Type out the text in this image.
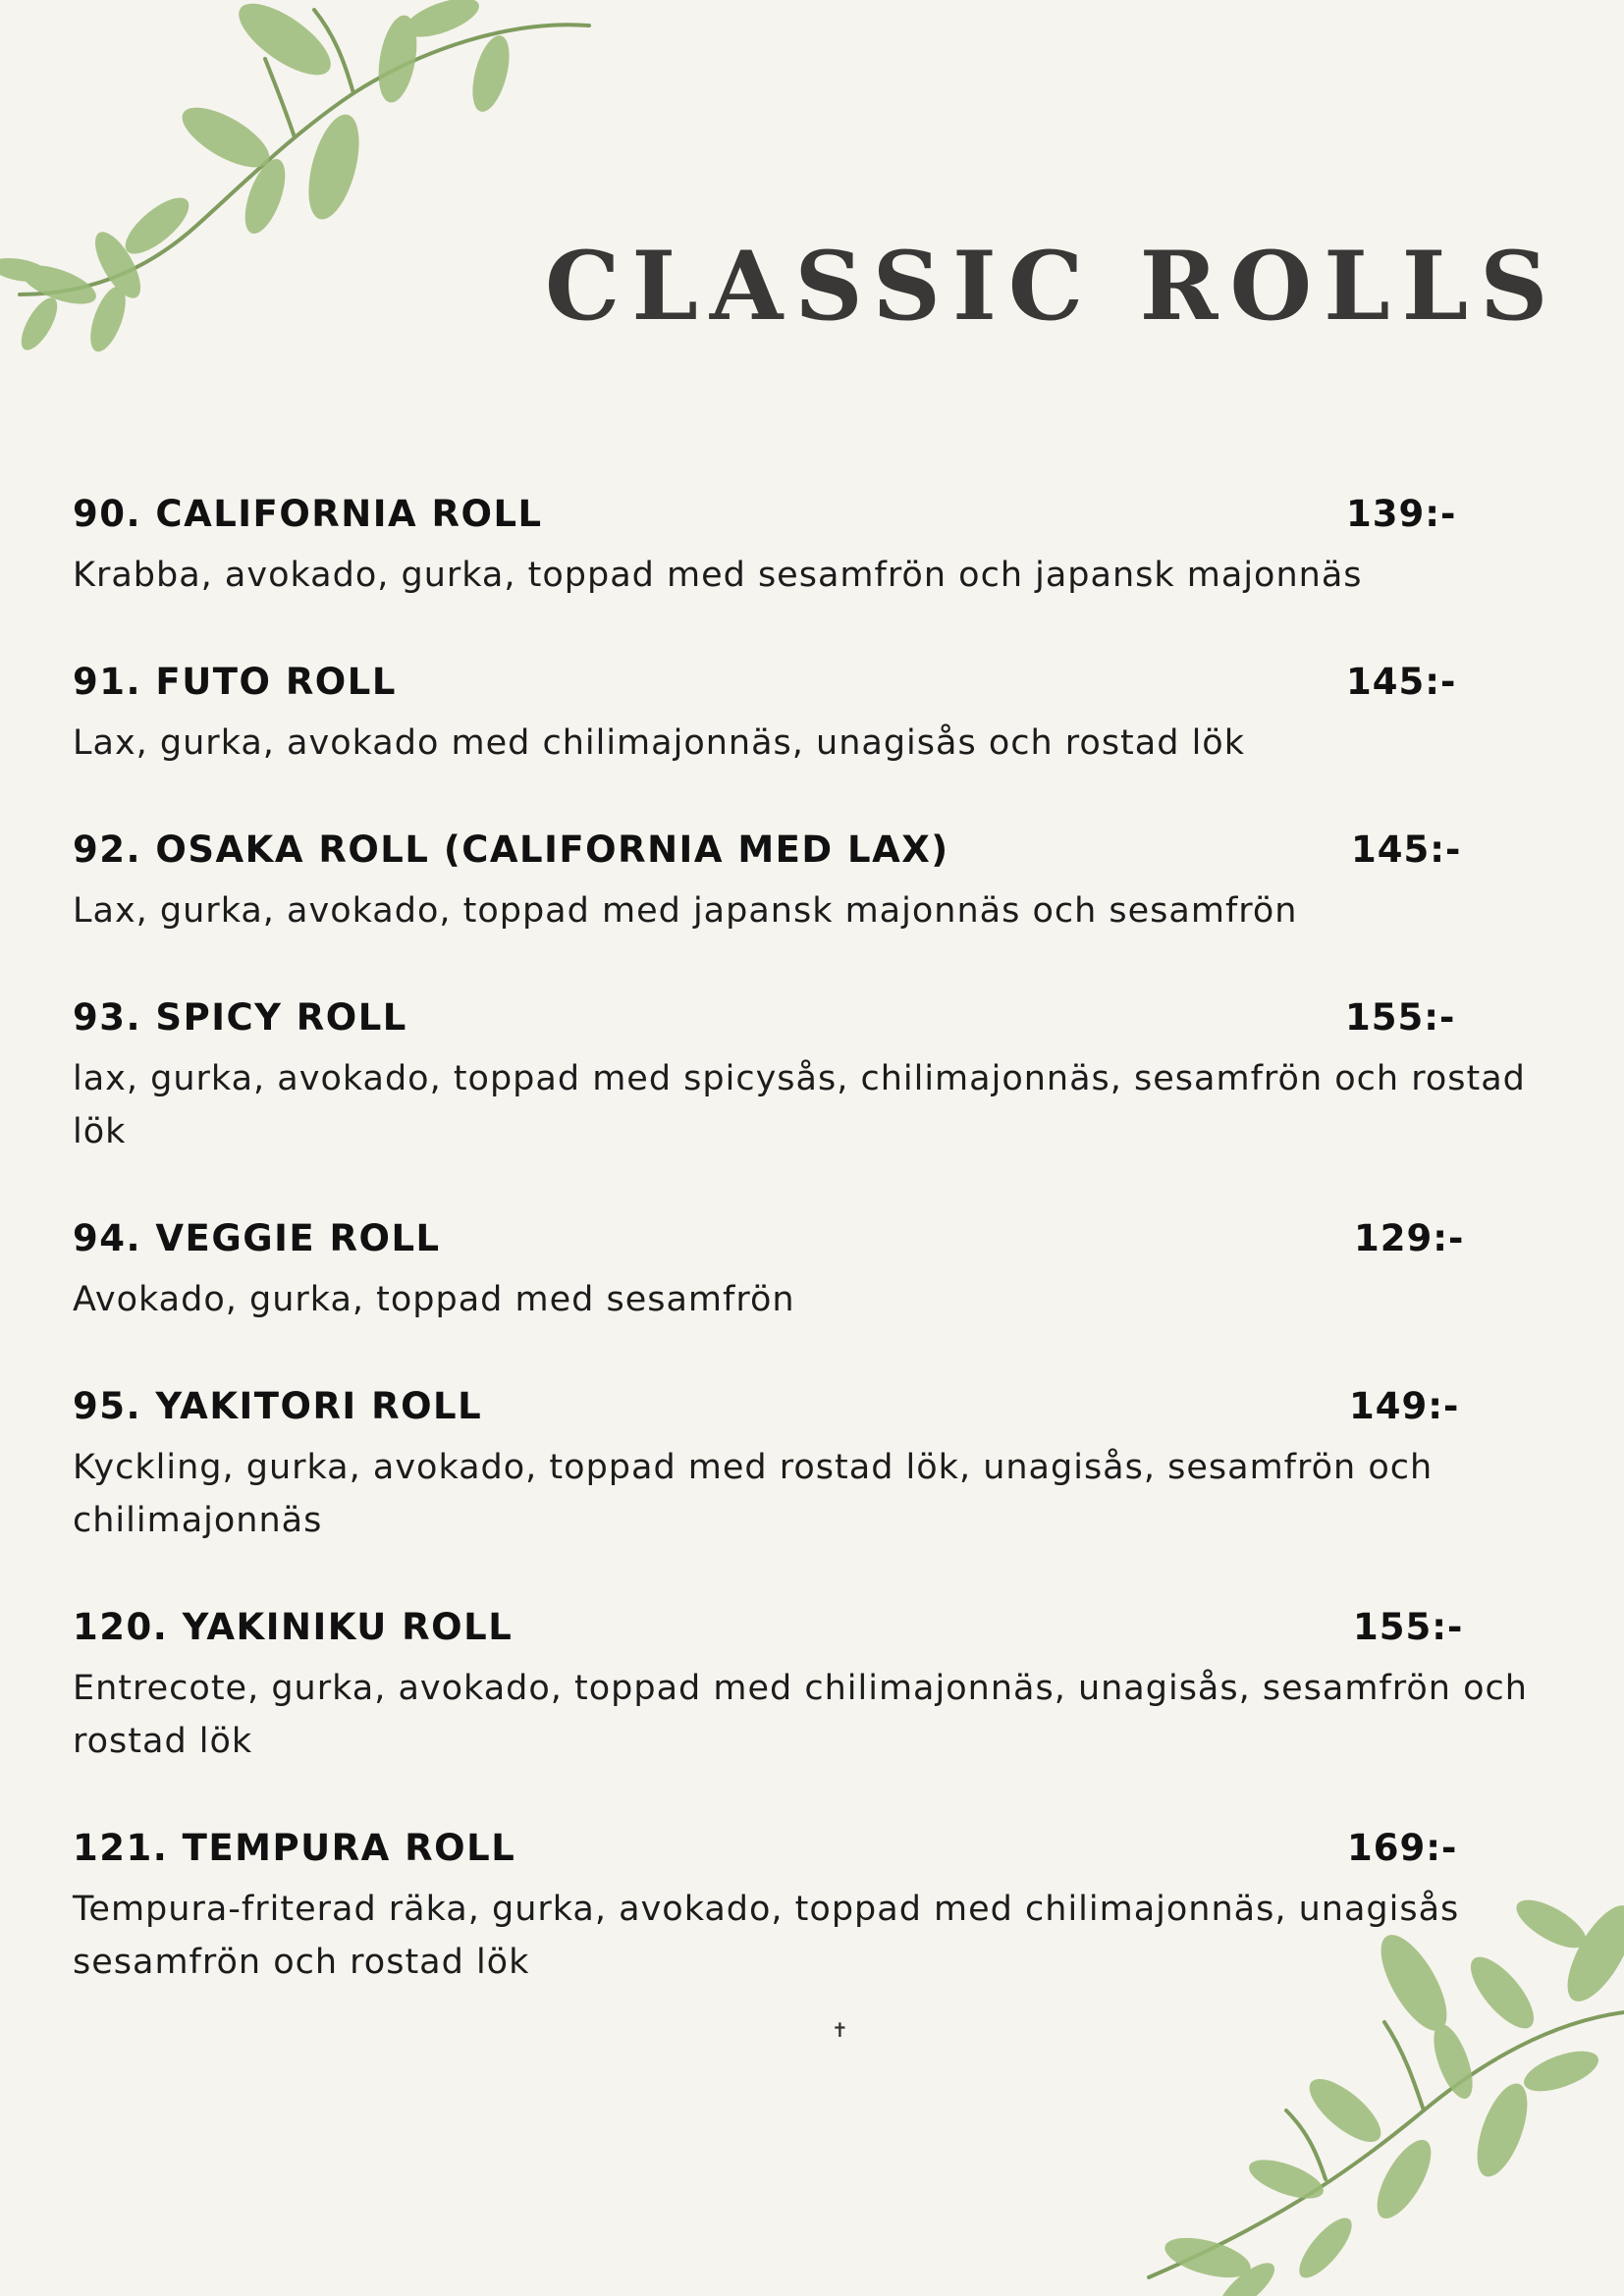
CLASSIC ROLLS
90. CALIFORNIA ROLL	139:-
Krabba, avokado, gurka, toppad med sesamfrön och japansk majonnäs
91. FUTO ROLL	145:-
Lax, gurka, avokado med chilimajonnäs, unagisås och rostad lök
92. OSAKA ROLL (CALIFORNIA MED LAX)	145:-
Lax, gurka, avokado, toppad med japansk majonnäs och sesamfrön
93. SPICY ROLL	155:-
lax, gurka, avokado, toppad med spicysås, chilimajonnäs, sesamfrön och rostad lök
94. VEGGIE ROLL	129:-
Avokado, gurka, toppad med sesamfrön
95. YAKITORI ROLL	149:-
Kyckling, gurka, avokado, toppad med rostad lök, unagisås, sesamfrön och chilimajonnäs
120. YAKINIKU ROLL	155:-
Entrecote, gurka, avokado, toppad med chilimajonnäs, unagisås, sesamfrön och rostad lök
121. TEMPURA ROLL	169:-
Tempura-friterad räka, gurka, avokado, toppad med chilimajonnäs, unagisås sesamfrön och rostad lök
✝
